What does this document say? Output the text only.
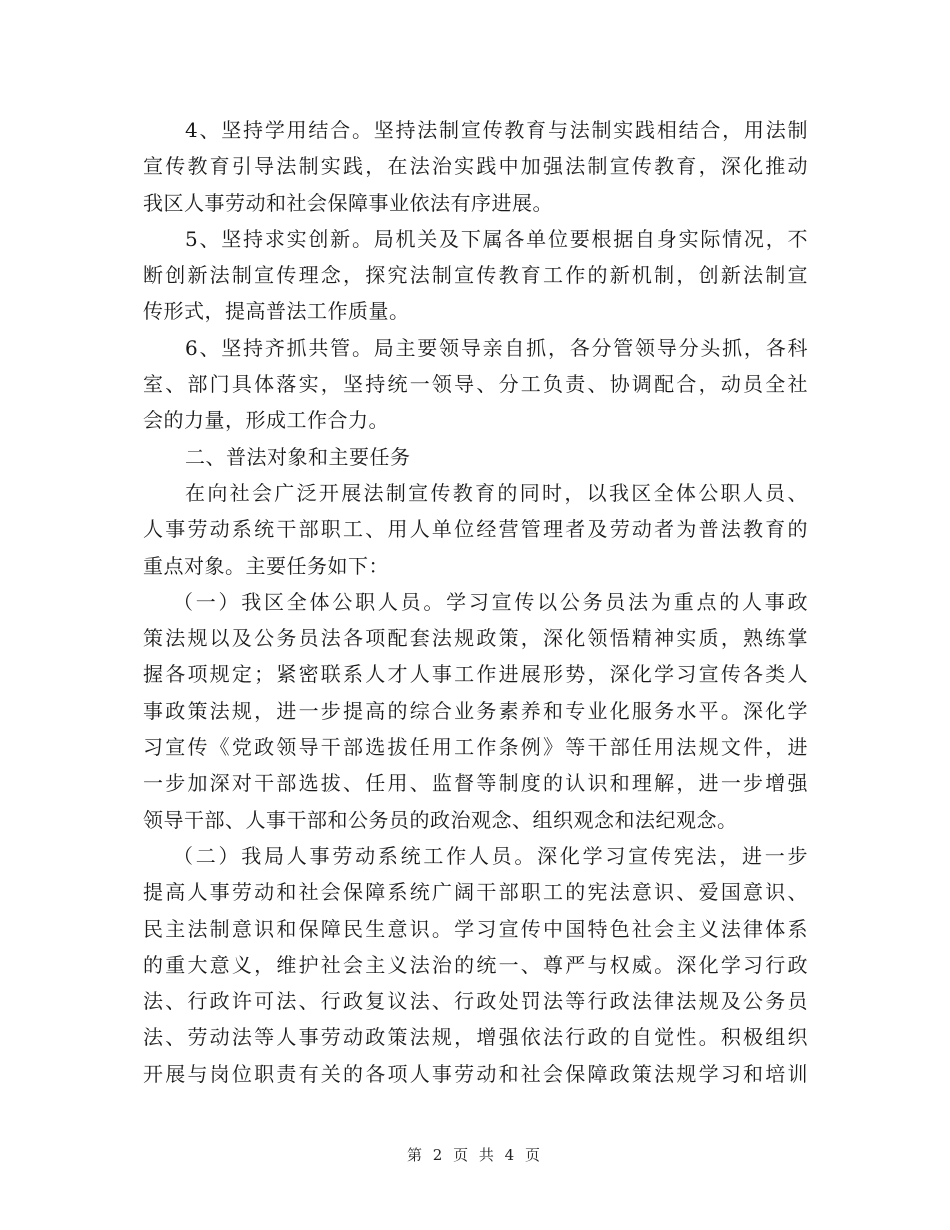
4、坚持学用结合。坚持法制宣传教育与法制实践相结合，用法制
宣传教育引导法制实践，在法治实践中加强法制宣传教育，深化推动
我区人事劳动和社会保障事业依法有序进展。
5、坚持求实创新。局机关及下属各单位要根据自身实际情况，不
断创新法制宣传理念，探究法制宣传教育工作的新机制，创新法制宣
传形式，提高普法工作质量。
6、坚持齐抓共管。局主要领导亲自抓，各分管领导分头抓，各科
室、部门具体落实，坚持统一领导、分工负责、协调配合，动员全社
会的力量，形成工作合力。
二、普法对象和主要任务
在向社会广泛开展法制宣传教育的同时，以我区全体公职人员、
人事劳动系统干部职工、用人单位经营管理者及劳动者为普法教育的
重点对象。主要任务如下：
（一）我区全体公职人员。学习宣传以公务员法为重点的人事政
策法规以及公务员法各项配套法规政策，深化领悟精神实质，熟练掌
握各项规定；紧密联系人才人事工作进展形势，深化学习宣传各类人
事政策法规，进一步提高的综合业务素养和专业化服务水平。深化学
习宣传《党政领导干部选拔任用工作条例》等干部任用法规文件，进
一步加深对干部选拔、任用、监督等制度的认识和理解，进一步增强
领导干部、人事干部和公务员的政治观念、组织观念和法纪观念。
（二）我局人事劳动系统工作人员。深化学习宣传宪法，进一步
提高人事劳动和社会保障系统广阔干部职工的宪法意识、爱国意识、
民主法制意识和保障民生意识。学习宣传中国特色社会主义法律体系
的重大意义，维护社会主义法治的统一、尊严与权威。深化学习行政
法、行政许可法、行政复议法、行政处罚法等行政法律法规及公务员
法、劳动法等人事劳动政策法规，增强依法行政的自觉性。积极组织
开展与岗位职责有关的各项人事劳动和社会保障政策法规学习和培训
第 2 页 共 4 页
